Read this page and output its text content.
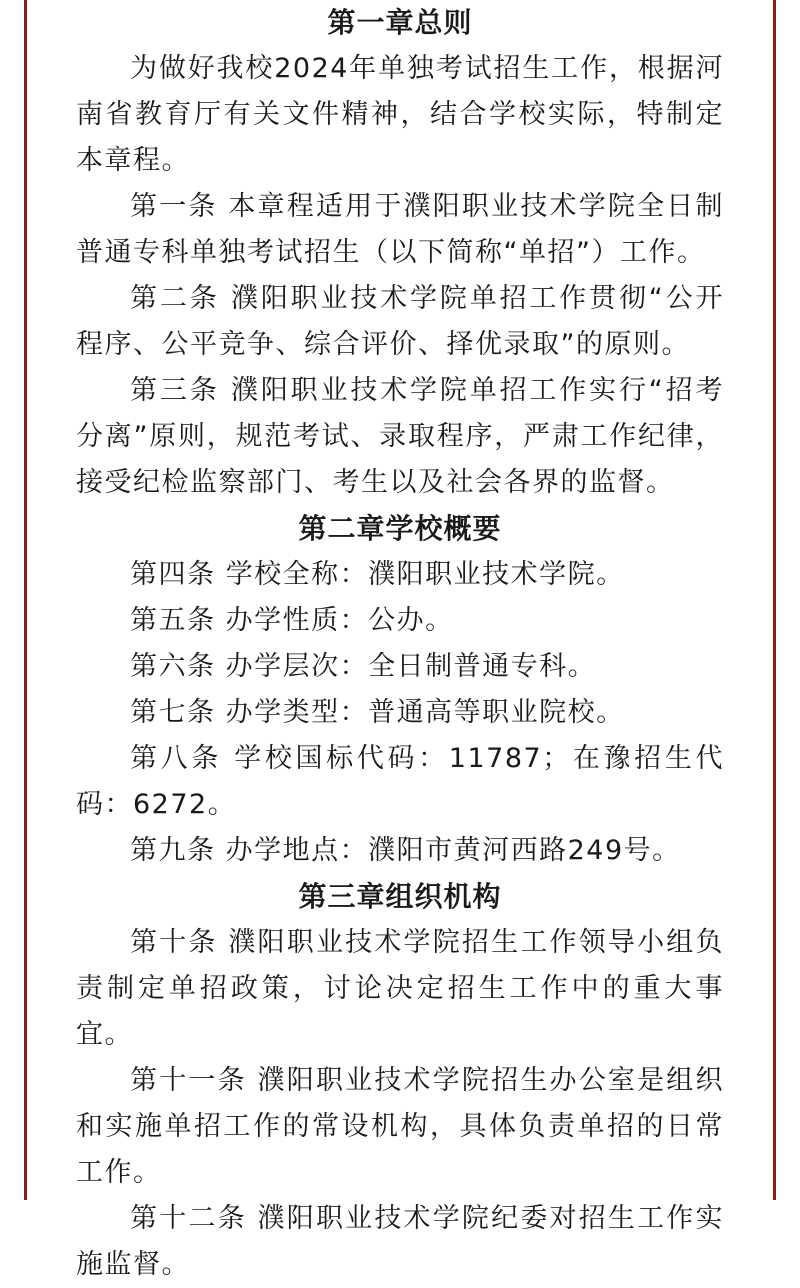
第一章总则

为做好我校2024年单独考试招生工作，根据河南省教育厅有关文件精神，结合学校实际，特制定本章程。

第一条 本章程适用于濮阳职业技术学院全日制普通专科单独考试招生（以下简称“单招”）工作。

第二条 濮阳职业技术学院单招工作贯彻“公开程序、公平竞争、综合评价、择优录取”的原则。

第三条 濮阳职业技术学院单招工作实行“招考分离”原则，规范考试、录取程序，严肃工作纪律，接受纪检监察部门、考生以及社会各界的监督。

第二章学校概要

第四条 学校全称：濮阳职业技术学院。

第五条 办学性质：公办。

第六条 办学层次：全日制普通专科。

第七条 办学类型：普通高等职业院校。

第八条 学校国标代码：11787；在豫招生代码：6272。

第九条 办学地点：濮阳市黄河西路249号。

第三章组织机构

第十条 濮阳职业技术学院招生工作领导小组负责制定单招政策，讨论决定招生工作中的重大事宜。

第十一条 濮阳职业技术学院招生办公室是组织和实施单招工作的常设机构，具体负责单招的日常工作。

第十二条 濮阳职业技术学院纪委对招生工作实施监督。
